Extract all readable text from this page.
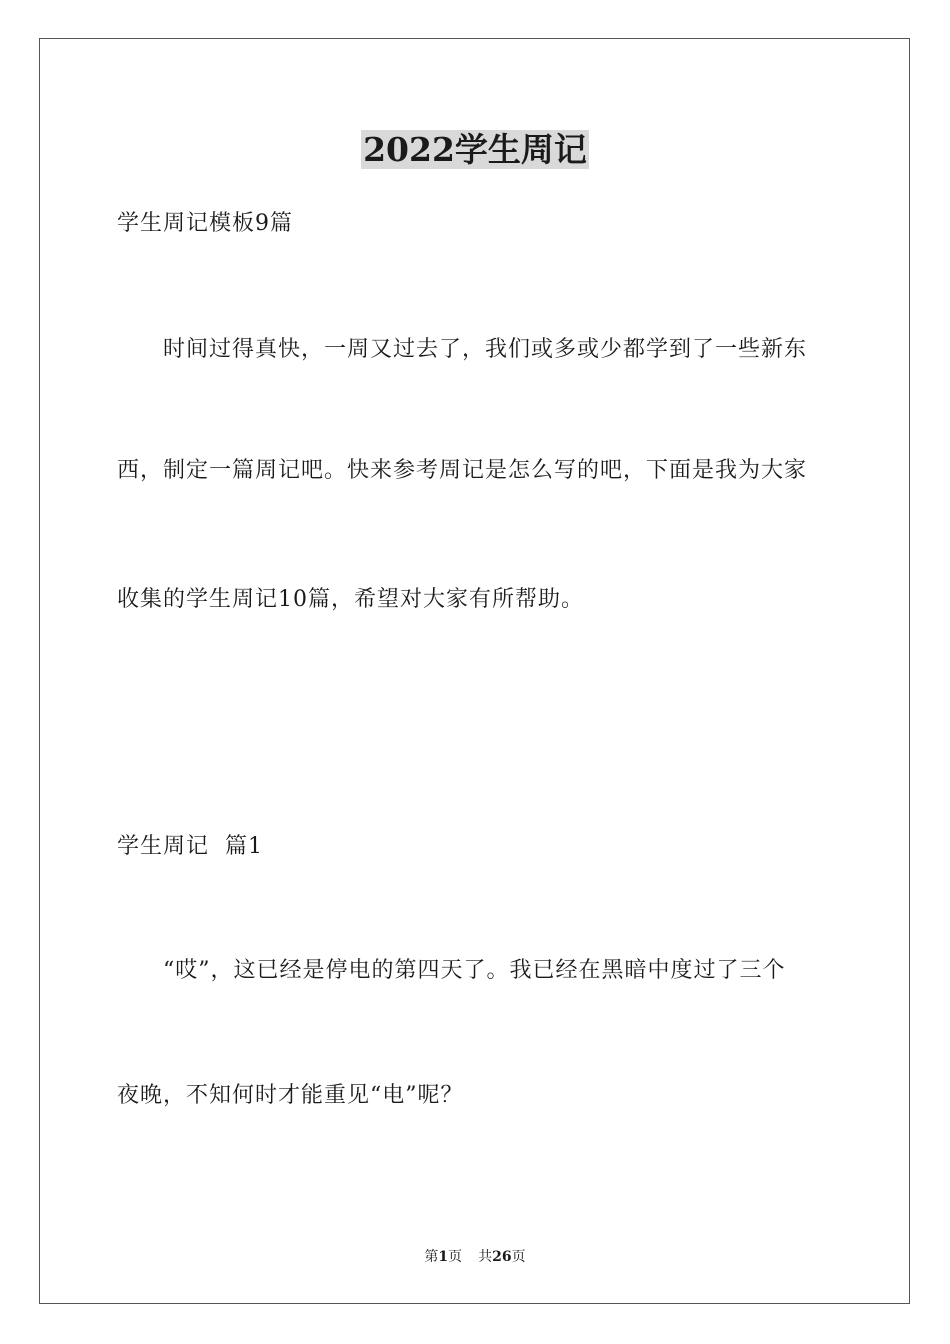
2022学生周记

学生周记模板9篇

时间过得真快，一周又过去了，我们或多或少都学到了一些新东

西，制定一篇周记吧。快来参考周记是怎么写的吧，下面是我为大家

收集的学生周记10篇，希望对大家有所帮助。

学生周记  篇1

“哎”，这已经是停电的第四天了。我已经在黑暗中度过了三个

夜晚，不知何时才能重见“电”呢？

第1页 共26页
